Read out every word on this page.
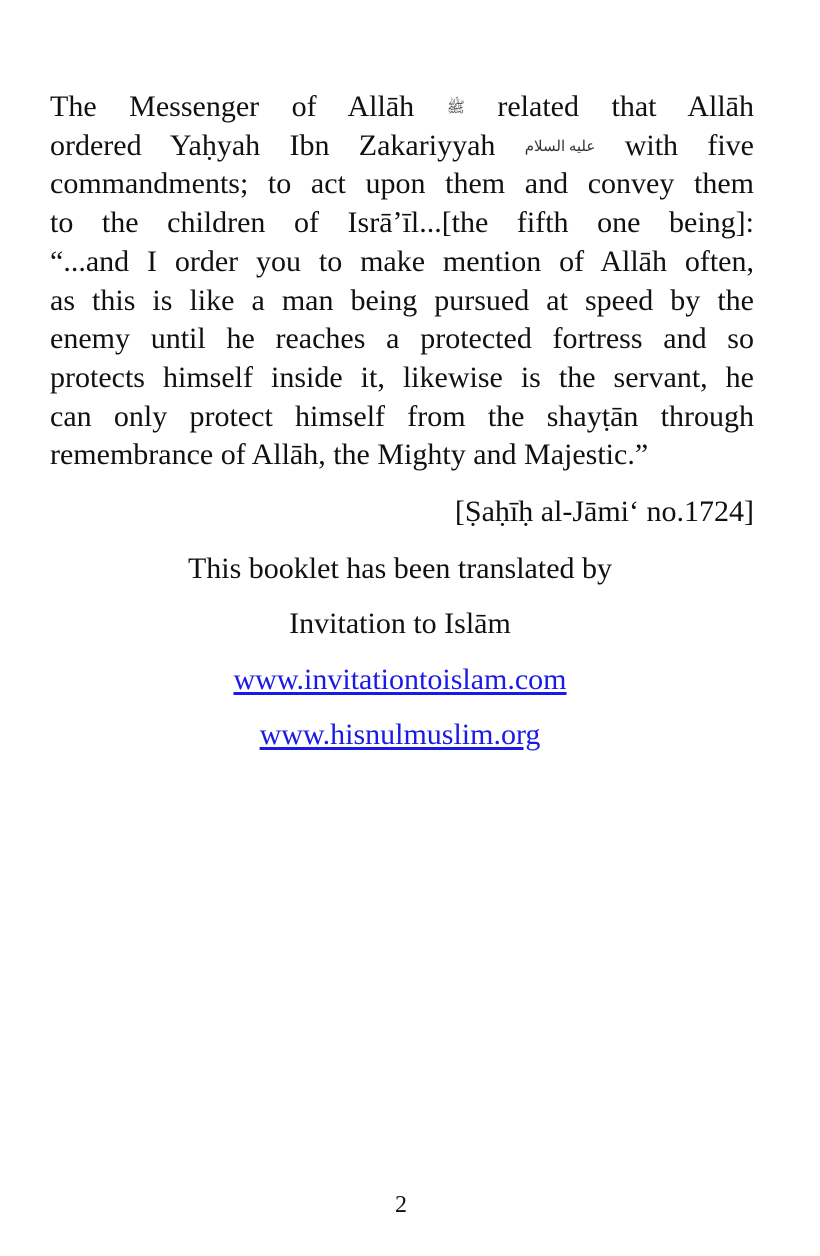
The Messenger of Allāh ﷺ related that Allāh
ordered Yaḥyah Ibn Zakariyyah عليه السلام with five
commandments; to act upon them and convey them
to the children of Isrāʼīl...[the fifth one being]:
“...and I order you to make mention of Allāh often,
as this is like a man being pursued at speed by the
enemy until he reaches a protected fortress and so
protects himself inside it, likewise is the servant, he
can only protect himself from the shayṭān through
remembrance of Allāh, the Mighty and Majestic.”

[Ṣaḥīḥ al-Jāmi‘ no.1724]

This booklet has been translated by

Invitation to Islām

www.invitationtoislam.com

www.hisnulmuslim.org

2
